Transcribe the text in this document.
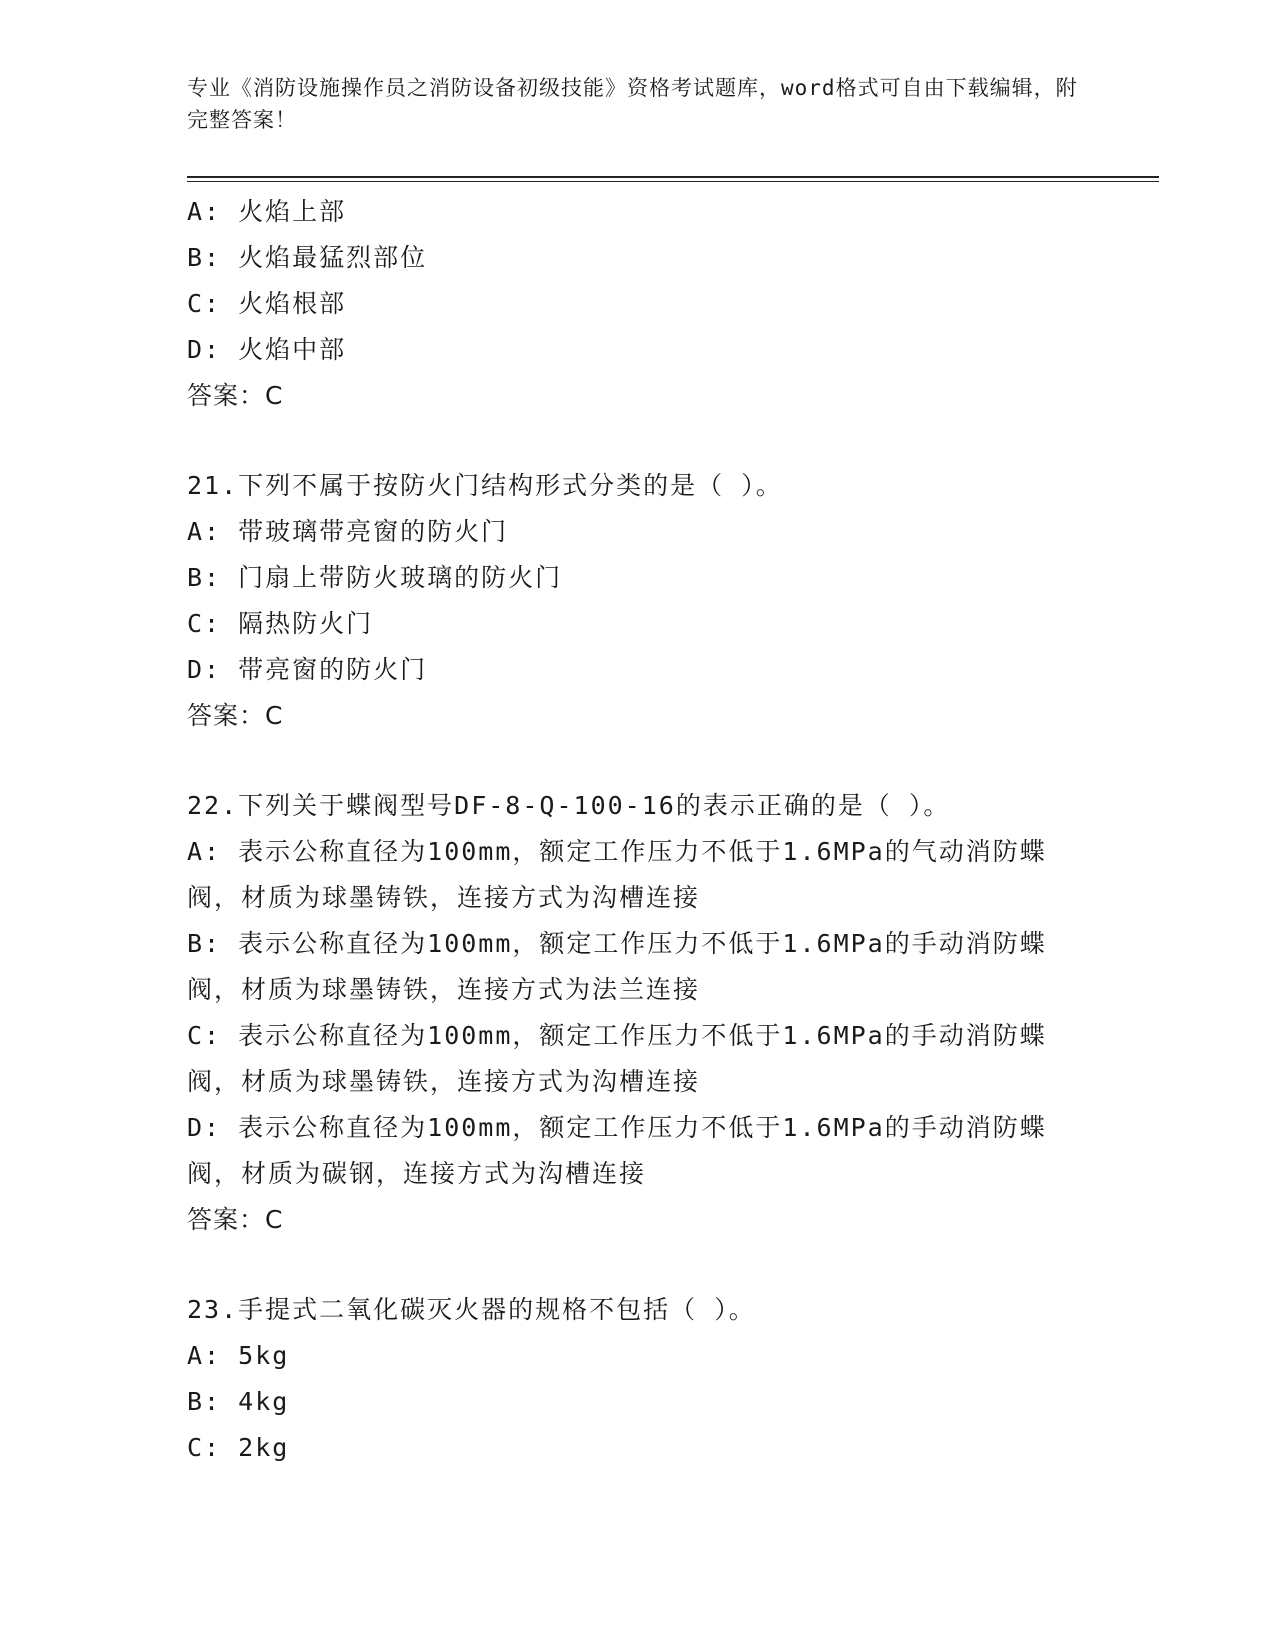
专业《消防设施操作员之消防设备初级技能》资格考试题库，word格式可自由下载编辑，附完整答案！
A: 火焰上部
B: 火焰最猛烈部位
C: 火焰根部
D: 火焰中部
答案：C
21.下列不属于按防火门结构形式分类的是（ ）。
A: 带玻璃带亮窗的防火门
B: 门扇上带防火玻璃的防火门
C: 隔热防火门
D: 带亮窗的防火门
答案：C
22.下列关于蝶阀型号DF-8-Q-100-16的表示正确的是（ ）。
A: 表示公称直径为100mm，额定工作压力不低于1.6MPa的气动消防蝶阀，材质为球墨铸铁，连接方式为沟槽连接
B: 表示公称直径为100mm，额定工作压力不低于1.6MPa的手动消防蝶阀，材质为球墨铸铁，连接方式为法兰连接
C: 表示公称直径为100mm，额定工作压力不低于1.6MPa的手动消防蝶阀，材质为球墨铸铁，连接方式为沟槽连接
D: 表示公称直径为100mm，额定工作压力不低于1.6MPa的手动消防蝶阀，材质为碳钢，连接方式为沟槽连接
答案：C
23.手提式二氧化碳灭火器的规格不包括（ ）。
A: 5kg
B: 4kg
C: 2kg
